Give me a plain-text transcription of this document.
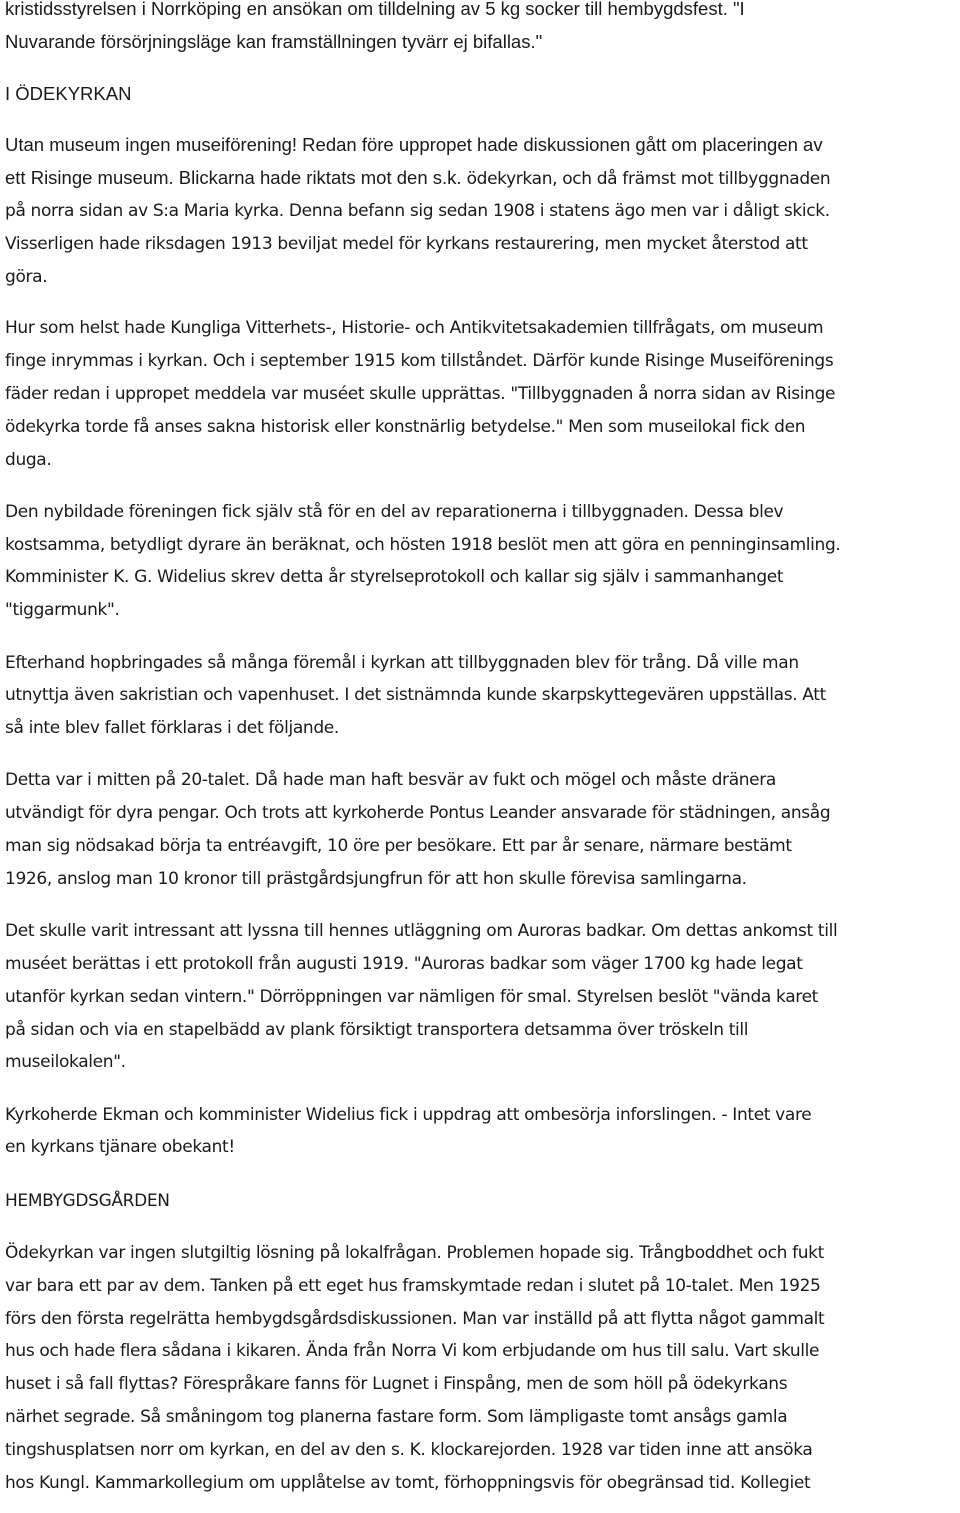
kristidsstyrelsen i Norrköping en ansökan om tilldelning av 5 kg socker till hembygdsfest. "I
Nuvarande försörjningsläge kan framställningen tyvärr ej bifallas."
I ÖDEKYRKAN
Utan museum ingen museiförening! Redan före uppropet hade diskussionen gått om placeringen av
ett Risinge museum. Blickarna hade riktats mot den s.k. ödekyrkan, och då främst mot tillbyggnaden
på norra sidan av S:a Maria kyrka. Denna befann sig sedan 1908 i statens ägo men var i dåligt skick.
Visserligen hade riksdagen 1913 beviljat medel för kyrkans restaurering, men mycket återstod att
göra.
Hur som helst hade Kungliga Vitterhets-, Historie- och Antikvitetsakademien tillfrågats, om museum
finge inrymmas i kyrkan. Och i september 1915 kom tillståndet. Därför kunde Risinge Museiförenings
fäder redan i uppropet meddela var muséet skulle upprättas. "Tillbyggnaden å norra sidan av Risinge
ödekyrka torde få anses sakna historisk eller konstnärlig betydelse." Men som museilokal fick den
duga.
Den nybildade föreningen fick själv stå för en del av reparationerna i tillbyggnaden. Dessa blev
kostsamma, betydligt dyrare än beräknat, och hösten 1918 beslöt men att göra en penninginsamling.
Komminister K. G. Widelius skrev detta år styrelseprotokoll och kallar sig själv i sammanhanget
"tiggarmunk".
Efterhand hopbringades så många föremål i kyrkan att tillbyggnaden blev för trång. Då ville man
utnyttja även sakristian och vapenhuset. I det sistnämnda kunde skarpskyttegevären uppställas. Att
så inte blev fallet förklaras i det följande.
Detta var i mitten på 20-talet. Då hade man haft besvär av fukt och mögel och måste dränera
utvändigt för dyra pengar. Och trots att kyrkoherde Pontus Leander ansvarade för städningen, ansåg
man sig nödsakad börja ta entréavgift, 10 öre per besökare. Ett par år senare, närmare bestämt
1926, anslog man 10 kronor till prästgårdsjungfrun för att hon skulle förevisa samlingarna.
Det skulle varit intressant att lyssna till hennes utläggning om Auroras badkar. Om dettas ankomst till
muséet berättas i ett protokoll från augusti 1919. "Auroras badkar som väger 1700 kg hade legat
utanför kyrkan sedan vintern." Dörröppningen var nämligen för smal. Styrelsen beslöt "vända karet
på sidan och via en stapelbädd av plank försiktigt transportera detsamma över tröskeln till
museilokalen".
Kyrkoherde Ekman och komminister Widelius fick i uppdrag att ombesörja inforslingen. - Intet vare
en kyrkans tjänare obekant!
HEMBYGDSGÅRDEN
Ödekyrkan var ingen slutgiltig lösning på lokalfrågan. Problemen hopade sig. Trångboddhet och fukt
var bara ett par av dem. Tanken på ett eget hus framskymtade redan i slutet på 10-talet. Men 1925
förs den första regelrätta hembygdsgårdsdiskussionen. Man var inställd på att flytta något gammalt
hus och hade flera sådana i kikaren. Ända från Norra Vi kom erbjudande om hus till salu. Vart skulle
huset i så fall flyttas? Förespråkare fanns för Lugnet i Finspång, men de som höll på ödekyrkans
närhet segrade. Så småningom tog planerna fastare form. Som lämpligaste tomt ansågs gamla
tingshusplatsen norr om kyrkan, en del av den s. K. klockarejorden. 1928 var tiden inne att ansöka
hos Kungl. Kammarkollegium om upplåtelse av tomt, förhoppningsvis för obegränsad tid. Kollegiet
